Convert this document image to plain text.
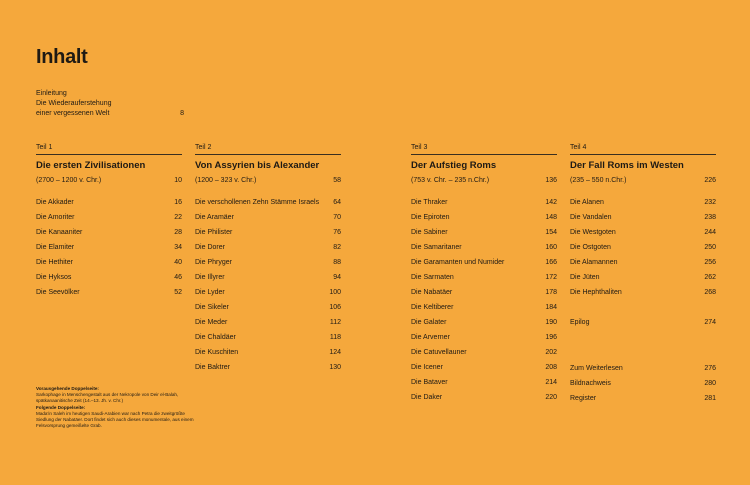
Inhalt
Einleitung
Die Wiederauferstehung
einer vergessenen Welt	8
Teil 1
Die ersten Zivilisationen
(2700 – 1200 v. Chr.)	10
Die Akkader	16
Die Amoriter	22
Die Kanaaniter	28
Die Elamiter	34
Die Hethiter	40
Die Hyksos	46
Die Seevölker	52
Teil 2
Von Assyrien bis Alexander
(1200 – 323 v. Chr.)	58
Die verschollenen Zehn Stämme Israels 64
Die Aramäer	70
Die Philister	76
Die Dorer	82
Die Phryger	88
Die Illyrer	94
Die Lyder	100
Die Sikeler	106
Die Meder	112
Die Chaldäer	118
Die Kuschiten	124
Die Baktrer	130
Teil 3
Der Aufstieg Roms
(753 v. Chr. – 235 n.Chr.)	136
Die Thraker	142
Die Epiroten	148
Die Sabiner	154
Die Samaritaner	160
Die Garamanten und Numider	166
Die Sarmaten	172
Die Nabatäer	178
Die Keltiberer	184
Die Galater	190
Die Arverner	196
Die Catuvellauner	202
Die Icener	208
Die Bataver	214
Die Daker	220
Teil 4
Der Fall Roms im Westen
(235 – 550 n.Chr.)	226
Die Alanen	232
Die Vandalen	238
Die Westgoten	244
Die Ostgoten	250
Die Alamannen	256
Die Jüten	262
Die Hephthaliten	268
Epilog	274
Zum Weiterlesen	276
Bildnachweis	280
Register	281
Vorausgehende Doppelseite:
Sarkophage in Menschengestalt aus der Nekropole von Deir el-Balah, spätkanaanitische Zeit (14.–13. Jh. v. Chr.)
Folgende Doppelseite:
Mada'in Saleh im heutigen Saudi-Arabien war nach Petra die zweitgrößte Siedlung der Nabatäer. Dort findet sich auch dieses monumentale, aus einem Felsvorsprung gemeißelte Grab.
